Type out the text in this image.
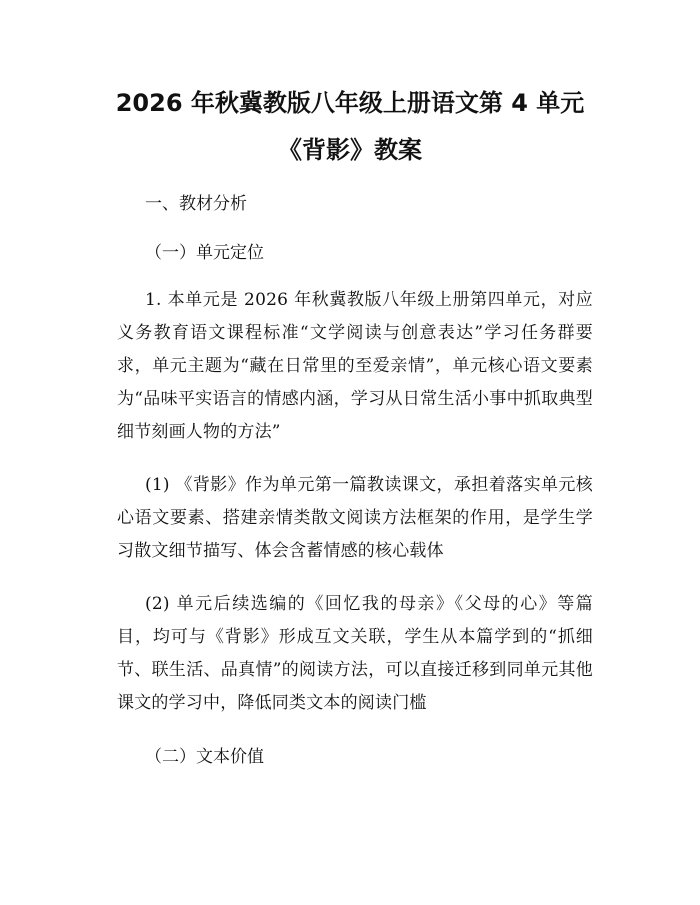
2026 年秋冀教版八年级上册语文第 4 单元
《背影》教案
一、教材分析
（一）单元定位

1. 本单元是 2026 年秋冀教版八年级上册第四单元，对应义务教育语文课程标准“文学阅读与创意表达”学习任务群要求，单元主题为“藏在日常里的至爱亲情”，单元核心语文要素为“品味平实语言的情感内涵，学习从日常生活小事中抓取典型细节刻画人物的方法”

(1) 《背影》作为单元第一篇教读课文，承担着落实单元核心语文要素、搭建亲情类散文阅读方法框架的作用，是学生学习散文细节描写、体会含蓄情感的核心载体

(2) 单元后续选编的《回忆我的母亲》《父母的心》等篇目，均可与《背影》形成互文关联，学生从本篇学到的“抓细节、联生活、品真情”的阅读方法，可以直接迁移到同单元其他课文的学习中，降低同类文本的阅读门槛

（二）文本价值
